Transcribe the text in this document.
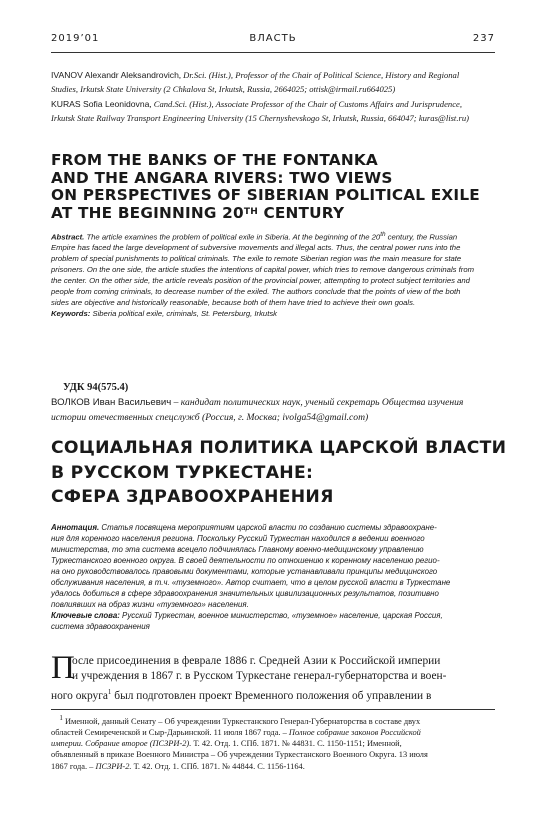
2019’01	ВЛАСТЬ	237

IVANOV Alexandr Aleksandrovich, Dr.Sci. (Hist.), Professor of the Chair of Political Science, History and Regional

Studies, Irkutsk State University (2 Chkalova St, Irkutsk, Russia, 2664025; ottisk@irmail.ru664025)

KURAS Sofia Leonidovna, Cand.Sci. (Hist.), Associate Professor of the Chair of Customs Affairs and Jurisprudence,

Irkutsk State Railway Transport Engineering University (15 Chernyshevskogo St, Irkutsk, Russia, 664047; kuras@list.ru)

FROM THE BANKS OF THE FONTANKA
AND THE ANGARA RIVERS: TWO VIEWS
ON PERSPECTIVES OF SIBERIAN POLITICAL EXILE
AT THE BEGINNING 20TH CENTURY

Abstract. The article examines the problem of political exile in Siberia. At the beginning of the 20th century, the Russian

Empire has faced the large development of subversive movements and illegal acts. Thus, the central power runs into the

problem of special punishments to political criminals. The exile to remote Siberian region was the main measure for state

prisoners. On the one side, the article studies the intentions of capital power, which tries to remove dangerous criminals from

the center. On the other side, the article reveals position of the provincial power, attempting to protect subject territories and

people from coming criminals, to decrease number of the exiled. The authors conclude that the points of view of the both

sides are objective and historically reasonable, because both of them have tried to achieve their own goals.

Keywords: Siberia political exile, criminals, St. Petersburg, Irkutsk

УДК 94(575.4)

ВОЛКОВ Иван Васильевич – кандидат политических наук, ученый секретарь Общества изучения

истории отечественных спецслужб (Россия, г. Москва; ivolga54@gmail.com)

СОЦИАЛЬНАЯ ПОЛИТИКА ЦАРСКОЙ ВЛАСТИ
В РУССКОМ ТУРКЕСТАНЕ:
СФЕРА ЗДРАВООХРАНЕНИЯ

Аннотация. Статья посвящена мероприятиям царской власти по созданию системы здравоохране-

ния для коренного населения региона. Поскольку Русский Туркестан находился в ведении военного

министерства, то эта система всецело подчинялась Главному военно-медицинскому управлению

Туркестанского военного округа. В своей деятельности по отношению к коренному населению регио-

на оно руководствовалось правовыми документами, которые устанавливали принципы медицинского

обслуживания населения, в т.ч. «туземного». Автор считает, что в целом русской власти в Туркестане

удалось добиться в сфере здравоохранения значительных цивилизационных результатов, позитивно

повлиявших на образ жизни «туземного» населения.

Ключевые слова: Русский Туркестан, военное министерство, «туземное» население, царская Россия,

система здравоохранения

П

осле присоединения в феврале 1886 г. Средней Азии к Российской империи

и учреждения в 1867 г. в Русском Туркестане генерал-губернаторства и воен-

ного округа$^1$ был подготовлен проект Временного положения об управлении в

$^1$ Именной, данный Сенату – Об учреждении Туркестанского Генерал-Губернаторства в составе двух

областей Семиреченской и Сыр-Дарьинской. 11 июля 1867 года. – Полное собрание законов Российской

империи. Собрание второе (ПСЗРИ-2). Т. 42. Отд. 1. СПб. 1871. № 44831. С. 1150-1151; Именной,

объявленный в приказе Военного Министра – Об учреждении Туркестанского Военного Округа. 13 июля

1867 года. – ПСЗРИ-2. Т. 42. Отд. 1. СПб. 1871. № 44844. С. 1156-1164.
